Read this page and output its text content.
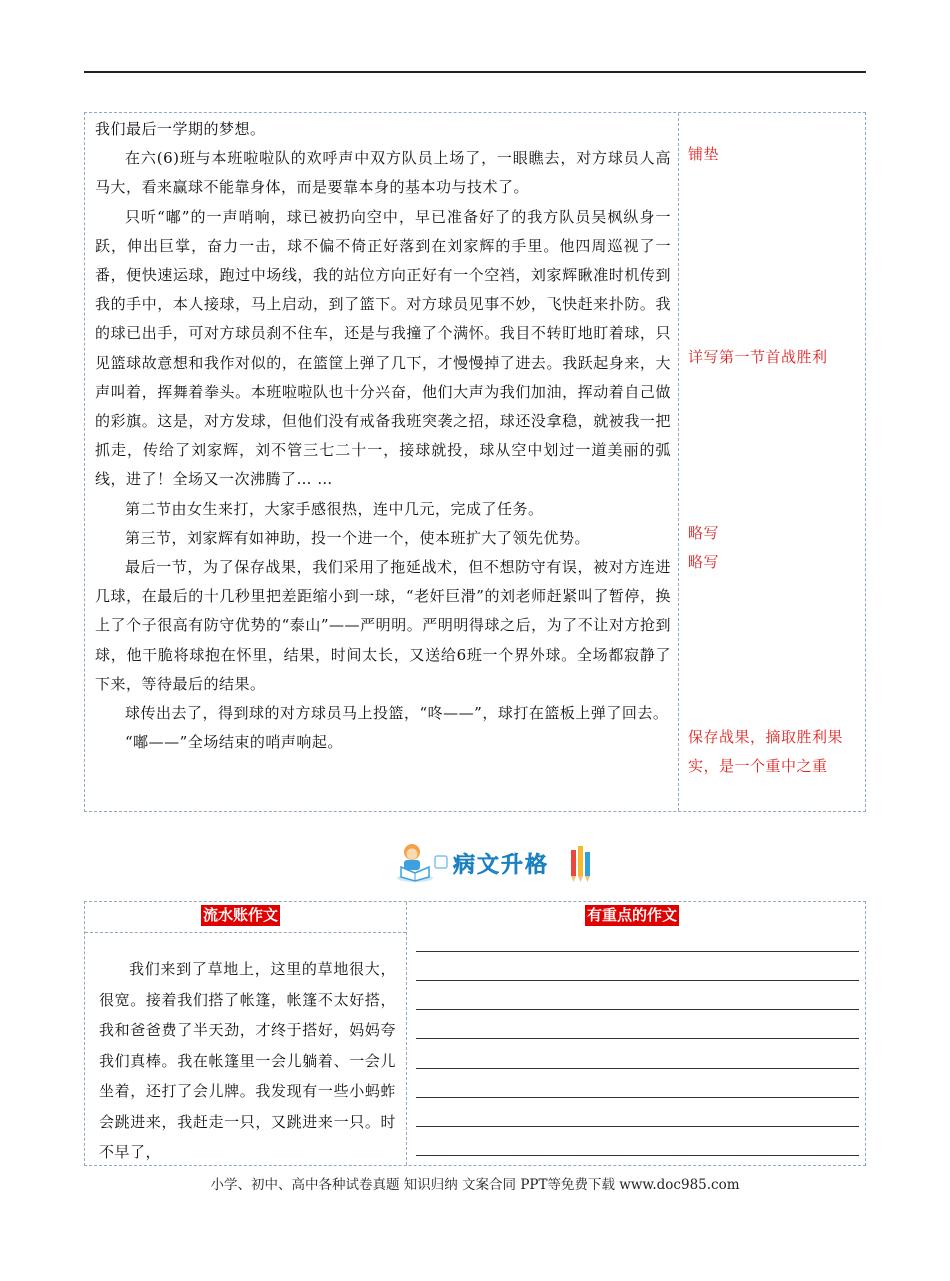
我们最后一学期的梦想。

在六(6)班与本班啦啦队的欢呼声中双方队员上场了，一眼瞧去，对方球员人高马大，看来赢球不能靠身体，而是要靠本身的基本功与技术了。

只听“嘟”的一声哨响，球已被扔向空中，早已准备好了的我方队员吴枫纵身一跃，伸出巨掌，奋力一击，球不偏不倚正好落到在刘家辉的手里。他四周巡视了一番，便快速运球，跑过中场线，我的站位方向正好有一个空裆，刘家辉瞅准时机传到我的手中，本人接球，马上启动，到了篮下。对方球员见事不妙，飞快赶来扑防。我的球已出手，可对方球员刹不住车，还是与我撞了个满怀。我目不转盯地盯着球，只见篮球故意想和我作对似的，在篮筐上弹了几下，才慢慢掉了进去。我跃起身来，大声叫着，挥舞着拳头。本班啦啦队也十分兴奋，他们大声为我们加油，挥动着自己做的彩旗。这是，对方发球，但他们没有戒备我班突袭之招，球还没拿稳，就被我一把抓走，传给了刘家辉，刘不管三七二十一，接球就投，球从空中划过一道美丽的弧线，进了！全场又一次沸腾了… …

第二节由女生来打，大家手感很热，连中几元，完成了任务。

第三节，刘家辉有如神助，投一个进一个，使本班扩大了领先优势。

最后一节，为了保存战果，我们采用了拖延战术，但不想防守有误，被对方连进几球，在最后的十几秒里把差距缩小到一球，“老奸巨滑”的刘老师赶紧叫了暂停，换上了个子很高有防守优势的“泰山”——严明明。严明明得球之后，为了不让对方抢到球，他干脆将球抱在怀里，结果，时间太长，又送给6班一个界外球。全场都寂静了下来，等待最后的结果。

球传出去了，得到球的对方球员马上投篮，“咚——”，球打在篮板上弹了回去。

“嘟——”全场结束的哨声响起。

铺垫
详写第一节首战胜利
略写
略写
保存战果，摘取胜利果实，是一个重中之重
病文升格
流水账作文	有重点的作文
我们来到了草地上，这里的草地很大，很宽。接着我们搭了帐篷，帐篷不太好搭，我和爸爸费了半天劲，才终于搭好，妈妈夸我们真棒。我在帐篷里一会儿躺着、一会儿坐着，还打了会儿牌。我发现有一些小蚂蚱会跳进来，我赶走一只，又跳进来一只。时不早了，
小学、初中、高中各种试卷真题 知识归纳 文案合同 PPT等免费下载 www.doc985.com
